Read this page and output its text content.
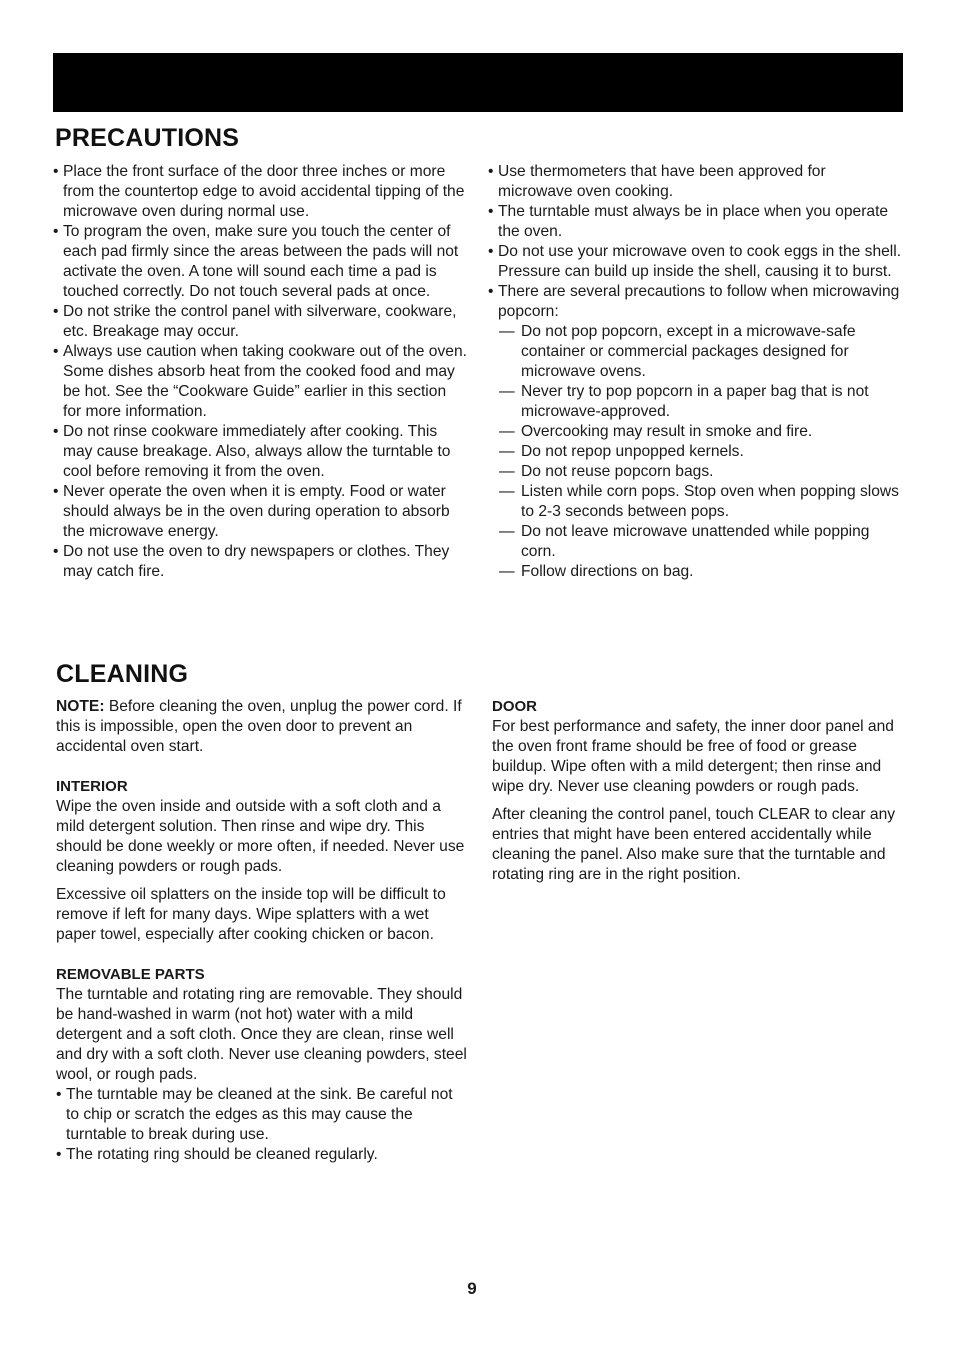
PRECAUTIONS
• Place the front surface of the door three inches or more from the countertop edge to avoid accidental tipping of the microwave oven during normal use.
• To program the oven, make sure you touch the center of each pad firmly since the areas between the pads will not activate the oven. A tone will sound each time a pad is touched correctly. Do not touch several pads at once.
• Do not strike the control panel with silverware, cookware, etc. Breakage may occur.
• Always use caution when taking cookware out of the oven. Some dishes absorb heat from the cooked food and may be hot. See the “Cookware Guide” earlier in this section for more information.
• Do not rinse cookware immediately after cooking. This may cause breakage. Also, always allow the turntable to cool before removing it from the oven.
• Never operate the oven when it is empty. Food or water should always be in the oven during operation to absorb the microwave energy.
• Do not use the oven to dry newspapers or clothes. They may catch fire.
• Use thermometers that have been approved for microwave oven cooking.
• The turntable must always be in place when you operate the oven.
• Do not use your microwave oven to cook eggs in the shell. Pressure can build up inside the shell, causing it to burst.
• There are several precautions to follow when microwaving popcorn:
— Do not pop popcorn, except in a microwave-safe container or commercial packages designed for microwave ovens.
— Never try to pop popcorn in a paper bag that is not microwave-approved.
— Overcooking may result in smoke and fire.
— Do not repop unpopped kernels.
— Do not reuse popcorn bags.
— Listen while corn pops. Stop oven when popping slows to 2-3 seconds between pops.
— Do not leave microwave unattended while popping corn.
— Follow directions on bag.
CLEANING

NOTE: Before cleaning the oven, unplug the power cord. If this is impossible, open the oven door to prevent an accidental oven start.

INTERIOR

Wipe the oven inside and outside with a soft cloth and a mild detergent solution. Then rinse and wipe dry. This should be done weekly or more often, if needed. Never use cleaning powders or rough pads.

Excessive oil splatters on the inside top will be difficult to remove if left for many days. Wipe splatters with a wet paper towel, especially after cooking chicken or bacon.

REMOVABLE PARTS

The turntable and rotating ring are removable. They should be hand-washed in warm (not hot) water with a mild detergent and a soft cloth. Once they are clean, rinse well and dry with a soft cloth. Never use cleaning powders, steel wool, or rough pads.

• The turntable may be cleaned at the sink. Be careful not to chip or scratch the edges as this may cause the turntable to break during use.
• The rotating ring should be cleaned regularly.

DOOR

For best performance and safety, the inner door panel and the oven front frame should be free of food or grease buildup. Wipe often with a mild detergent; then rinse and wipe dry. Never use cleaning powders or rough pads.

After cleaning the control panel, touch CLEAR to clear any entries that might have been entered accidentally while cleaning the panel. Also make sure that the turntable and rotating ring are in the right position.

9
